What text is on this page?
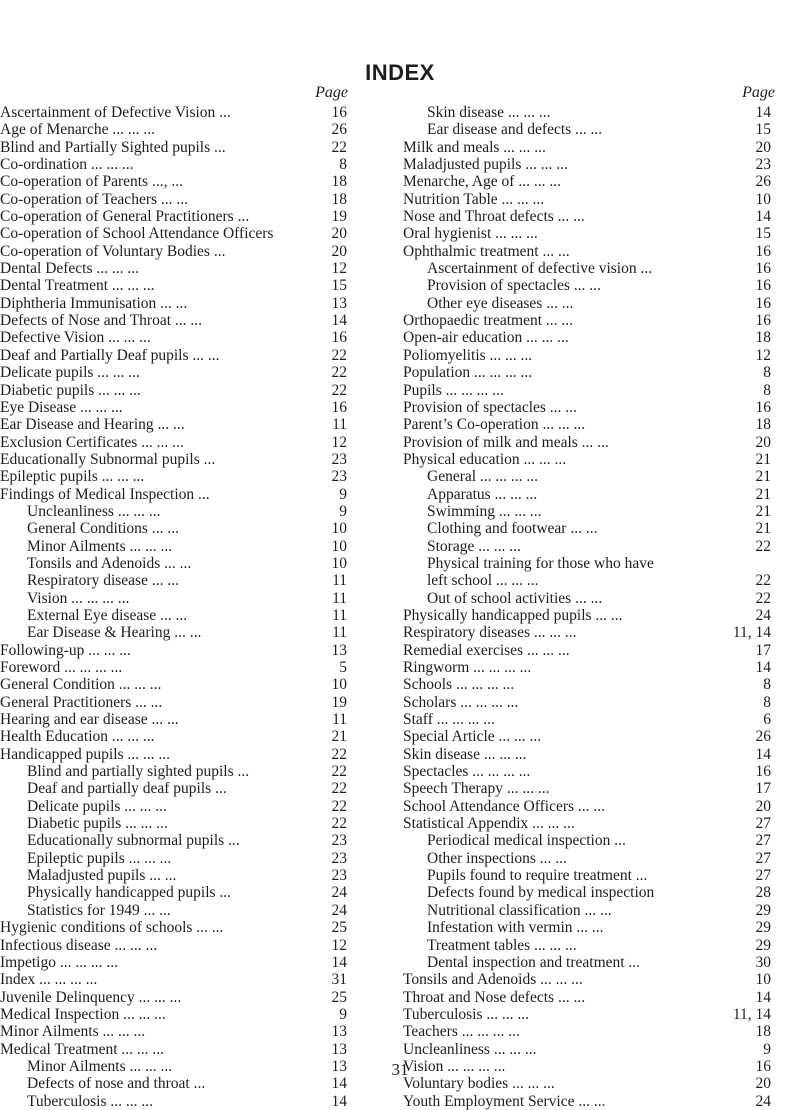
INDEX
Page
Ascertainment of Defective Vision ...	16
Age of Menarche ... ... ...	26
Blind and Partially Sighted pupils ...	22
Co-ordination ... ... ...	8
Co-operation of Parents ..., ...	18
Co-operation of Teachers ... ...	18
Co-operation of General Practitioners ...	19
Co-operation of School Attendance Officers	20
Co-operation of Voluntary Bodies ...	20
Dental Defects ... ... ...	12
Dental Treatment ... ... ...	15
Diphtheria Immunisation ... ...	13
Defects of Nose and Throat ... ...	14
Defective Vision ... ... ...	16
Deaf and Partially Deaf pupils ... ...	22
Delicate pupils ... ... ...	22
Diabetic pupils ... ... ...	22
Eye Disease ... ... ...	16
Ear Disease and Hearing ... ...	11
Exclusion Certificates ... ... ...	12
Educationally Subnormal pupils ...	23
Epileptic pupils ... ... ...	23
Findings of Medical Inspection ...	9
Uncleanliness ... ... ...	9
General Conditions ... ...	10
Minor Ailments ... ... ...	10
Tonsils and Adenoids ... ...	10
Respiratory disease ... ...	11
Vision ... ... ... ...	11
External Eye disease ... ...	11
Ear Disease & Hearing ... ...	11
Following-up ... ... ...	13
Foreword ... ... ... ...	5
General Condition ... ... ...	10
General Practitioners ... ...	19
Hearing and ear disease ... ...	11
Health Education ... ... ...	21
Handicapped pupils ... ... ...	22
Blind and partially sighted pupils ...	22
Deaf and partially deaf pupils ...	22
Delicate pupils ... ... ...	22
Diabetic pupils ... ... ...	22
Educationally subnormal pupils ...	23
Epileptic pupils ... ... ...	23
Maladjusted pupils ... ...	23
Physically handicapped pupils ...	24
Statistics for 1949 ... ...	24
Hygienic conditions of schools ... ...	25
Infectious disease ... ... ...	12
Impetigo ... ... ... ...	14
Index ... ... ... ...	31
Juvenile Delinquency ... ... ...	25
Medical Inspection ... ... ...	9
Minor Ailments ... ... ...	13
Medical Treatment ... ... ...	13
Minor Ailments ... ... ...	13
Defects of nose and throat ...	14
Tuberculosis ... ... ...	14
Page
Skin disease ... ... ...	14
Ear disease and defects ... ...	15
Milk and meals ... ... ...	20
Maladjusted pupils ... ... ...	23
Menarche, Age of ... ... ...	26
Nutrition Table ... ... ...	10
Nose and Throat defects ... ...	14
Oral hygienist ... ... ...	15
Ophthalmic treatment ... ...	16
Ascertainment of defective vision ...	16
Provision of spectacles ... ...	16
Other eye diseases ... ...	16
Orthopaedic treatment ... ...	16
Open-air education ... ... ...	18
Poliomyelitis ... ... ...	12
Population ... ... ... ...	8
Pupils ... ... ... ...	8
Provision of spectacles ... ...	16
Parent’s Co-operation ... ... ...	18
Provision of milk and meals ... ...	20
Physical education ... ... ...	21
General ... ... ... ...	21
Apparatus ... ... ...	21
Swimming ... ... ...	21
Clothing and footwear ... ...	21
Storage ... ... ...	22
Physical training for those who have
left school ... ... ...	22
Out of school activities ... ...	22
Physically handicapped pupils ... ...	24
Respiratory diseases ... ... ...	11, 14
Remedial exercises ... ... ...	17
Ringworm ... ... ... ...	14
Schools ... ... ... ...	8
Scholars ... ... ... ...	8
Staff ... ... ... ...	6
Special Article ... ... ...	26
Skin disease ... ... ...	14
Spectacles ... ... ... ...	16
Speech Therapy ... ... ...	17
School Attendance Officers ... ...	20
Statistical Appendix ... ... ...	27
Periodical medical inspection ...	27
Other inspections ... ...	27
Pupils found to require treatment ...	27
Defects found by medical inspection	28
Nutritional classification ... ...	29
Infestation with vermin ... ...	29
Treatment tables ... ... ...	29
Dental inspection and treatment ...	30
Tonsils and Adenoids ... ... ...	10
Throat and Nose defects ... ...	14
Tuberculosis ... ... ...	11, 14
Teachers ... ... ... ...	18
Uncleanliness ... ... ...	9
Vision ... ... ... ...	16
Voluntary bodies ... ... ...	20
Youth Employment Service ... ...	24
31
